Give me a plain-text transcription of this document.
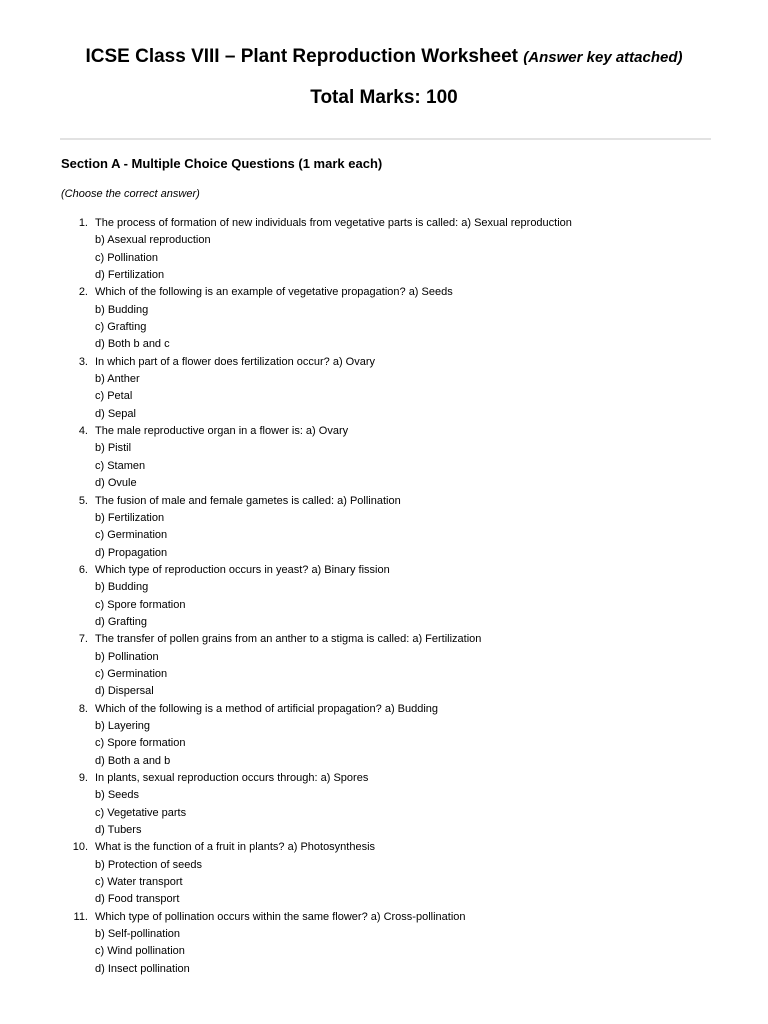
ICSE Class VIII – Plant Reproduction Worksheet (Answer key attached)
Total Marks: 100
Section A - Multiple Choice Questions (1 mark each)
(Choose the correct answer)
1. The process of formation of new individuals from vegetative parts is called: a) Sexual reproduction
b) Asexual reproduction
c) Pollination
d) Fertilization
2. Which of the following is an example of vegetative propagation? a) Seeds
b) Budding
c) Grafting
d) Both b and c
3. In which part of a flower does fertilization occur? a) Ovary
b) Anther
c) Petal
d) Sepal
4. The male reproductive organ in a flower is: a) Ovary
b) Pistil
c) Stamen
d) Ovule
5. The fusion of male and female gametes is called: a) Pollination
b) Fertilization
c) Germination
d) Propagation
6. Which type of reproduction occurs in yeast? a) Binary fission
b) Budding
c) Spore formation
d) Grafting
7. The transfer of pollen grains from an anther to a stigma is called: a) Fertilization
b) Pollination
c) Germination
d) Dispersal
8. Which of the following is a method of artificial propagation? a) Budding
b) Layering
c) Spore formation
d) Both a and b
9. In plants, sexual reproduction occurs through: a) Spores
b) Seeds
c) Vegetative parts
d) Tubers
10. What is the function of a fruit in plants? a) Photosynthesis
b) Protection of seeds
c) Water transport
d) Food transport
11. Which type of pollination occurs within the same flower? a) Cross-pollination
b) Self-pollination
c) Wind pollination
d) Insect pollination
